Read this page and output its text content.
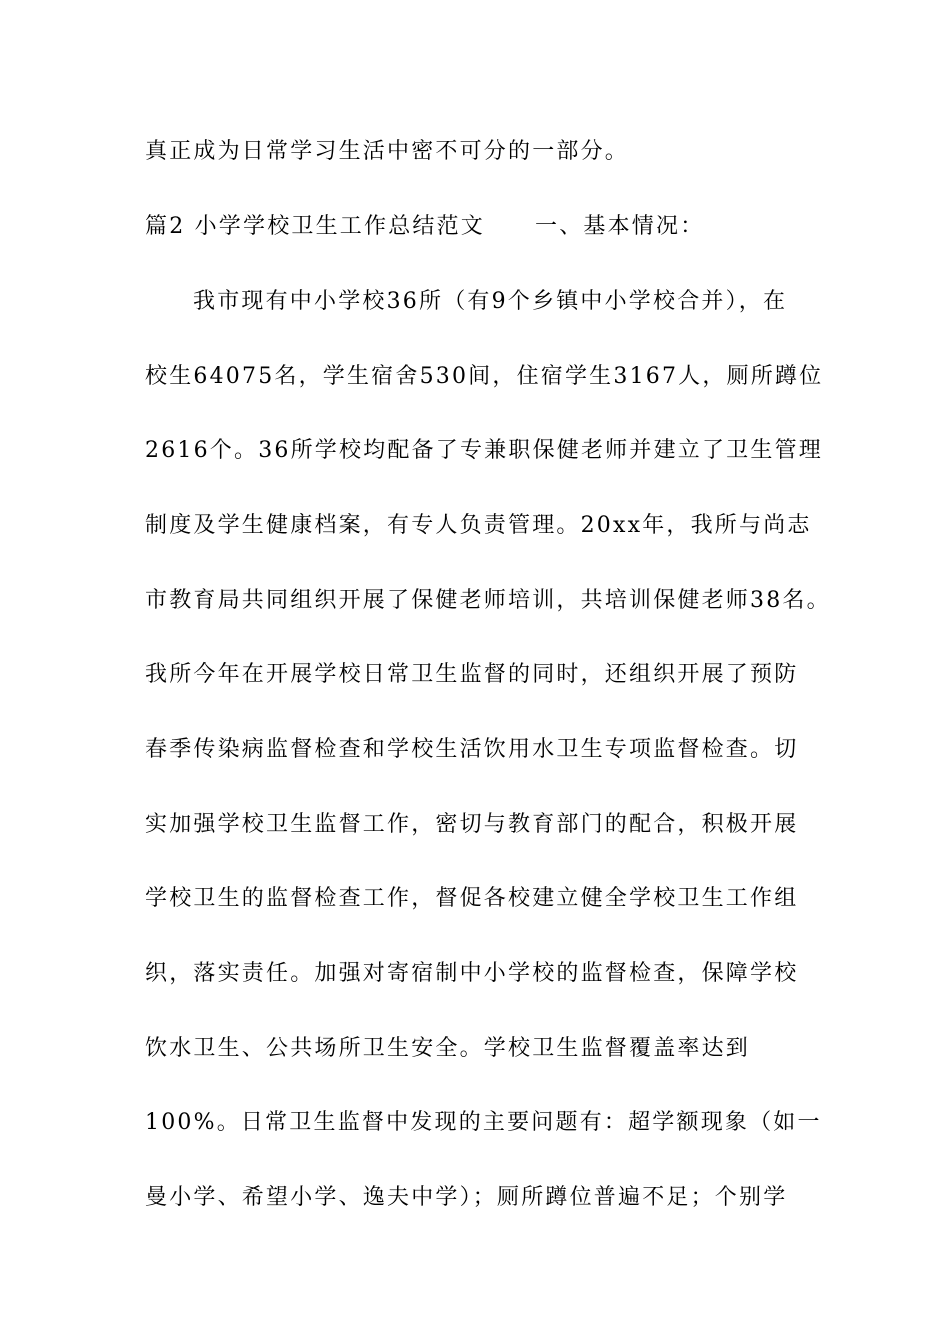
真正成为日常学习生活中密不可分的一部分。
篇2 小学学校卫生工作总结范文 一、基本情况：
我市现有中小学校36所（有9个乡镇中小学校合并），在
校生64075名，学生宿舍530间，住宿学生3167人，厕所蹲位
2616个。36所学校均配备了专兼职保健老师并建立了卫生管理
制度及学生健康档案，有专人负责管理。20xx年，我所与尚志
市教育局共同组织开展了保健老师培训，共培训保健老师38名。
我所今年在开展学校日常卫生监督的同时，还组织开展了预防
春季传染病监督检查和学校生活饮用水卫生专项监督检查。切
实加强学校卫生监督工作，密切与教育部门的配合，积极开展
学校卫生的监督检查工作，督促各校建立健全学校卫生工作组
织，落实责任。加强对寄宿制中小学校的监督检查，保障学校
饮水卫生、公共场所卫生安全。学校卫生监督覆盖率达到
100%。日常卫生监督中发现的主要问题有：超学额现象（如一
曼小学、希望小学、逸夫中学）；厕所蹲位普遍不足；个别学
